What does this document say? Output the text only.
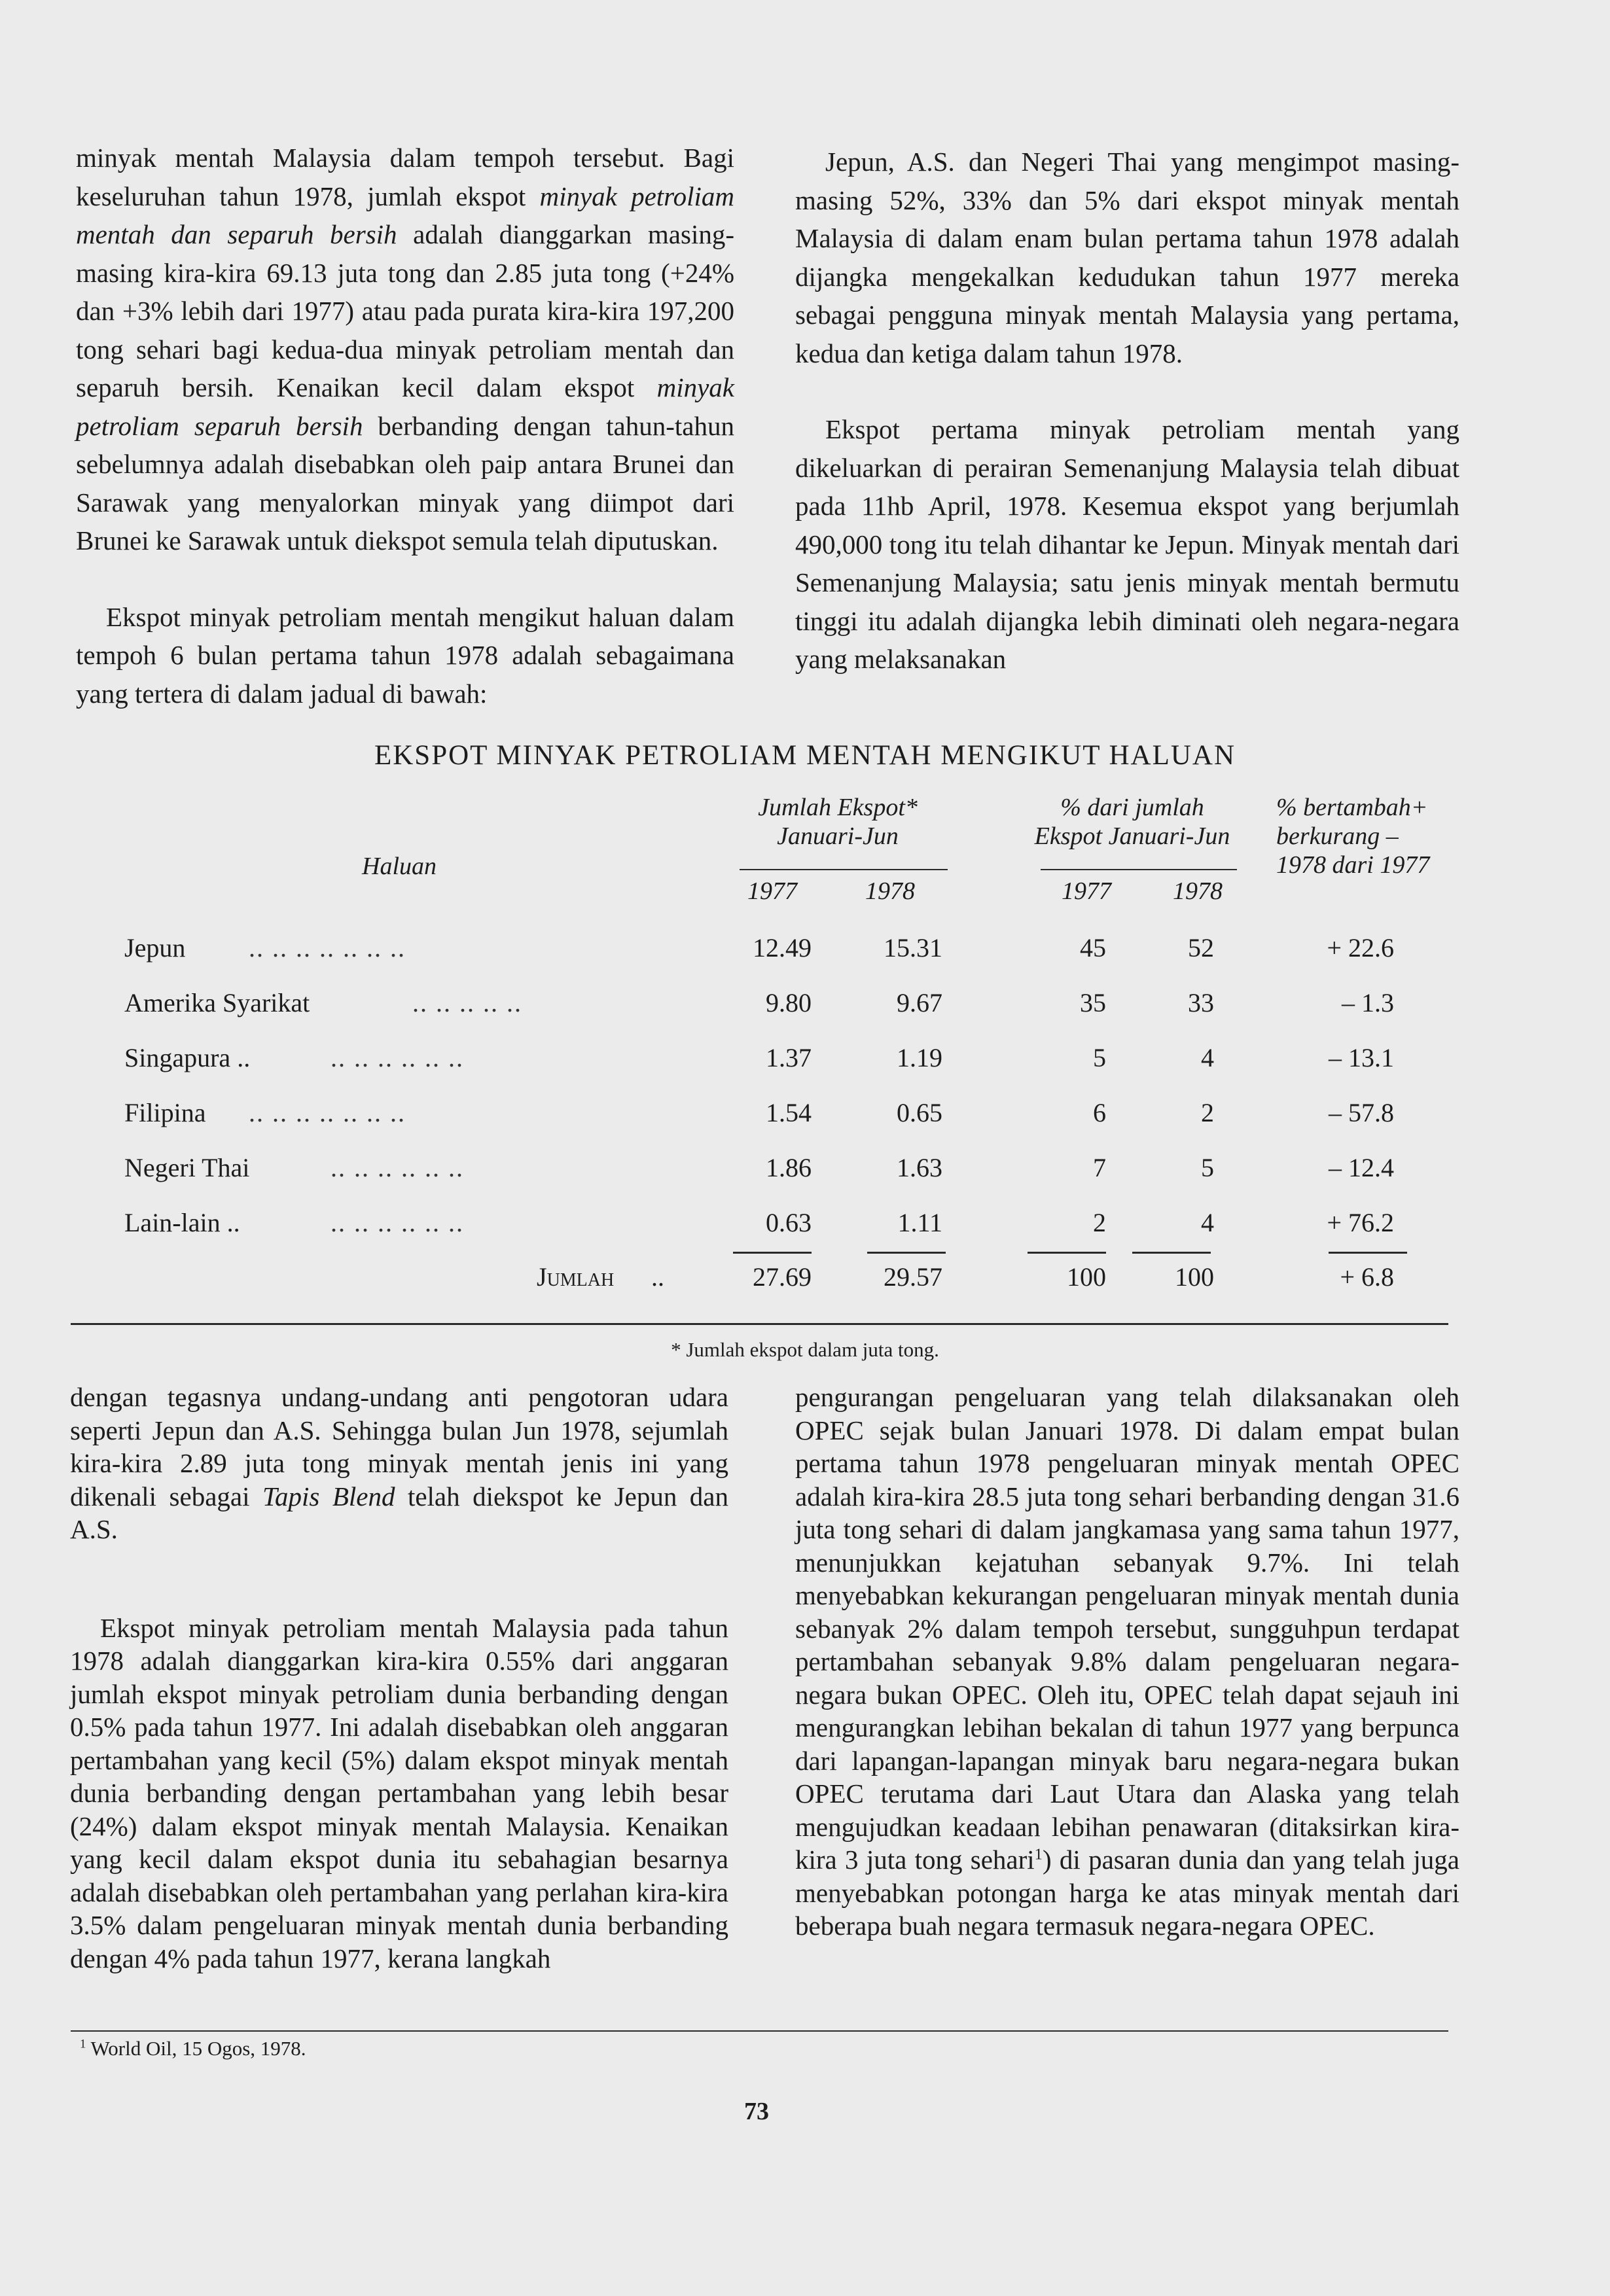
minyak mentah Malaysia dalam tempoh tersebut. Bagi keseluruhan tahun 1978, jumlah ekspot minyak petroliam mentah dan separuh bersih adalah dianggarkan masing-masing kira-kira 69.13 juta tong dan 2.85 juta tong (+24% dan +3% lebih dari 1977) atau pada purata kira-kira 197,200 tong sehari bagi kedua-dua minyak petroliam mentah dan separuh bersih. Kenaikan kecil dalam ekspot minyak petroliam separuh bersih berbanding dengan tahun-tahun sebelumnya adalah disebabkan oleh paip antara Brunei dan Sarawak yang menyalorkan minyak yang diimpot dari Brunei ke Sarawak untuk diekspot semula telah diputuskan.

Ekspot minyak petroliam mentah mengikut haluan dalam tempoh 6 bulan pertama tahun 1978 adalah sebagaimana yang tertera di dalam jadual di bawah:

Jepun, A.S. dan Negeri Thai yang mengimpot masing-masing 52%, 33% dan 5% dari ekspot minyak mentah Malaysia di dalam enam bulan pertama tahun 1978 adalah dijangka mengekalkan kedudukan tahun 1977 mereka sebagai pengguna minyak mentah Malaysia yang pertama, kedua dan ketiga dalam tahun 1978.

Ekspot pertama minyak petroliam mentah yang dikeluarkan di perairan Semenanjung Malaysia telah dibuat pada 11hb April, 1978. Kesemua ekspot yang berjumlah 490,000 tong itu telah dihantar ke Jepun. Minyak mentah dari Semenanjung Malaysia; satu jenis minyak mentah bermutu tinggi itu adalah dijangka lebih diminati oleh negara-negara yang melaksanakan

EKSPOT MINYAK PETROLIAM MENTAH MENGIKUT HALUAN
Haluan
Jumlah Ekspot*
Januari-Jun
% dari jumlah
Ekspot Januari-Jun
% bertambah+
berkurang –
1978 dari 1977
1977	1978	1977	1978
Jepun .. .. .. .. .. .. ..	12.49	15.31	45	52	+ 22.6
Amerika Syarikat	.. .. .. .. ..	9.80	9.67	35	33	– 1.3
Singapura ..	.. .. .. .. .. ..	1.37	1.19	5	4	– 13.1
Filipina .. .. .. .. .. .. ..	1.54	0.65	6	2	– 57.8
Negeri Thai	.. .. .. .. .. ..	1.86	1.63	7	5	– 12.4
Lain-lain ..	.. .. .. .. .. ..	0.63	1.11	2	4	+ 76.2
Jumlah ..	27.69	29.57	100	100	+ 6.8
* Jumlah ekspot dalam juta tong.

dengan tegasnya undang-undang anti pengotoran udara seperti Jepun dan A.S. Sehingga bulan Jun 1978, sejumlah kira-kira 2.89 juta tong minyak mentah jenis ini yang dikenali sebagai Tapis Blend telah diekspot ke Jepun dan A.S.

Ekspot minyak petroliam mentah Malaysia pada tahun 1978 adalah dianggarkan kira-kira 0.55% dari anggaran jumlah ekspot minyak petroliam dunia berbanding dengan 0.5% pada tahun 1977. Ini adalah disebabkan oleh anggaran pertambahan yang kecil (5%) dalam ekspot minyak mentah dunia berbanding dengan pertambahan yang lebih besar (24%) dalam ekspot minyak mentah Malaysia. Kenaikan yang kecil dalam ekspot dunia itu sebahagian besarnya adalah disebabkan oleh pertambahan yang perlahan kira-kira 3.5% dalam pengeluaran minyak mentah dunia berbanding dengan 4% pada tahun 1977, kerana langkah

pengurangan pengeluaran yang telah dilaksanakan oleh OPEC sejak bulan Januari 1978. Di dalam empat bulan pertama tahun 1978 pengeluaran minyak mentah OPEC adalah kira-kira 28.5 juta tong sehari berbanding dengan 31.6 juta tong sehari di dalam jangkamasa yang sama tahun 1977, menunjukkan kejatuhan sebanyak 9.7%. Ini telah menyebabkan kekurangan pengeluaran minyak mentah dunia sebanyak 2% dalam tempoh tersebut, sungguhpun terdapat pertambahan sebanyak 9.8% dalam pengeluaran negara-negara bukan OPEC. Oleh itu, OPEC telah dapat sejauh ini mengurangkan lebihan bekalan di tahun 1977 yang berpunca dari lapangan-lapangan minyak baru negara-negara bukan OPEC terutama dari Laut Utara dan Alaska yang telah mengujudkan keadaan lebihan penawaran (ditaksirkan kira-kira 3 juta tong sehari$^1$) di pasaran dunia dan yang telah juga menyebabkan potongan harga ke atas minyak mentah dari beberapa buah negara termasuk negara-negara OPEC.

$^1$ World Oil, 15 Ogos, 1978.
73
